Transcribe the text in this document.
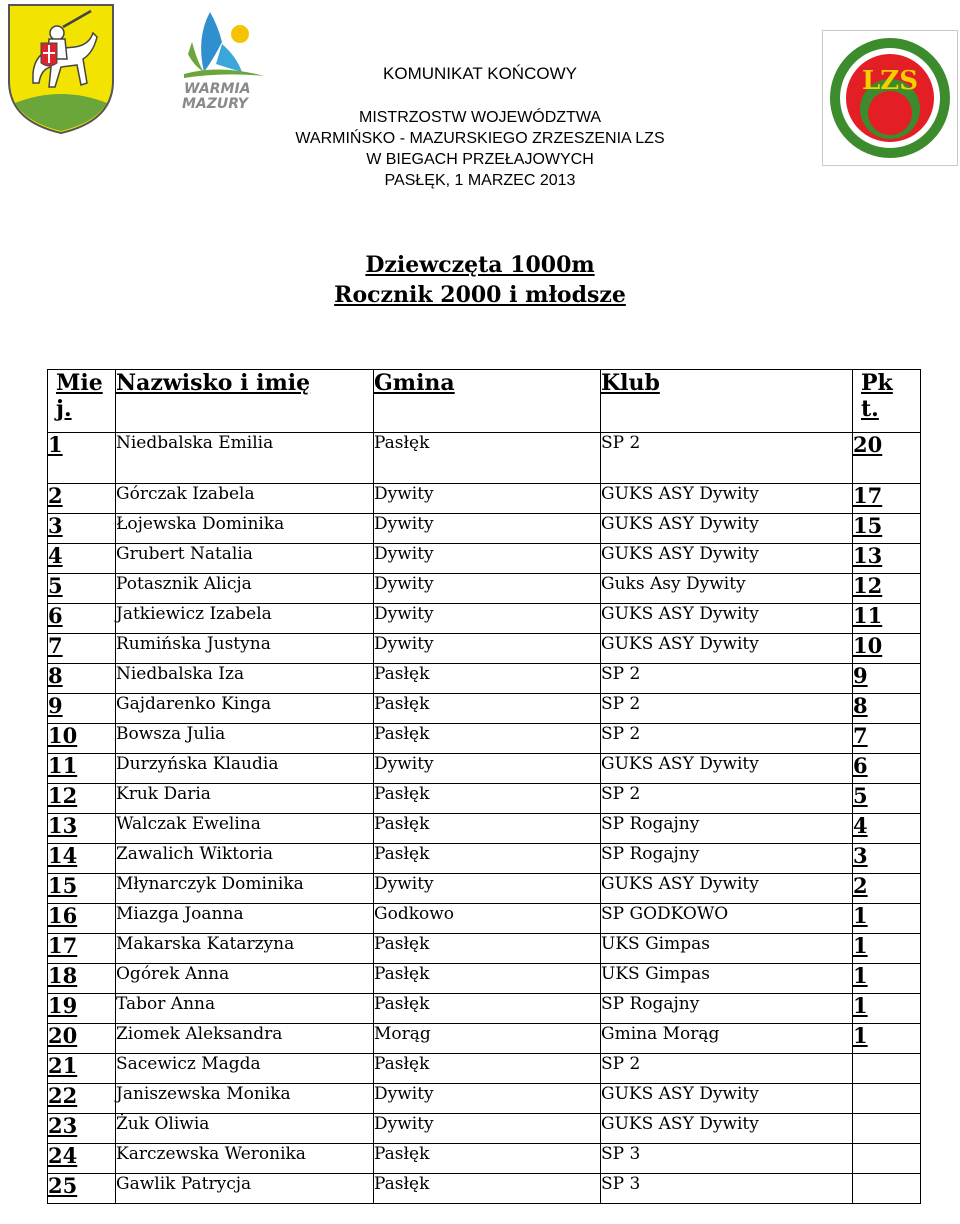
WARMIA
MAZURY
LZS
KOMUNIKAT KOŃCOWY
MISTRZOSTW WOJEWÓDZTWA
WARMIŃSKO - MAZURSKIEGO ZRZESZENIA LZS
W BIEGACH PRZEŁAJOWYCH
PASŁĘK, 1 MARZEC 2013
Dziewczęta 1000m
Rocznik 2000 i młodsze
Mie
j.	Nazwisko i imię	Gmina	Klub	Pk
t.
1	Niedbalska Emilia	Pasłęk	SP 2	20
2	Górczak Izabela	Dywity	GUKS ASY Dywity	17
3	Łojewska Dominika	Dywity	GUKS ASY Dywity	15
4	Grubert Natalia	Dywity	GUKS ASY Dywity	13
5	Potasznik Alicja	Dywity	Guks Asy Dywity	12
6	Jatkiewicz Izabela	Dywity	GUKS ASY Dywity	11
7	Rumińska Justyna	Dywity	GUKS ASY Dywity	10
8	Niedbalska Iza	Pasłęk	SP 2	9
9	Gajdarenko Kinga	Pasłęk	SP 2	8
10	Bowsza Julia	Pasłęk	SP 2	7
11	Durzyńska Klaudia	Dywity	GUKS ASY Dywity	6
12	Kruk Daria	Pasłęk	SP 2	5
13	Walczak Ewelina	Pasłęk	SP Rogajny	4
14	Zawalich Wiktoria	Pasłęk	SP Rogajny	3
15	Młynarczyk Dominika	Dywity	GUKS ASY Dywity	2
16	Miazga Joanna	Godkowo	SP GODKOWO	1
17	Makarska Katarzyna	Pasłęk	UKS Gimpas	1
18	Ogórek Anna	Pasłęk	UKS Gimpas	1
19	Tabor Anna	Pasłęk	SP Rogajny	1
20	Ziomek Aleksandra	Morąg	Gmina Morąg	1
21	Sacewicz Magda	Pasłęk	SP 2	
22	Janiszewska Monika	Dywity	GUKS ASY Dywity	
23	Żuk Oliwia	Dywity	GUKS ASY Dywity	
24	Karczewska Weronika	Pasłęk	SP 3	
25	Gawlik Patrycja	Pasłęk	SP 3	
